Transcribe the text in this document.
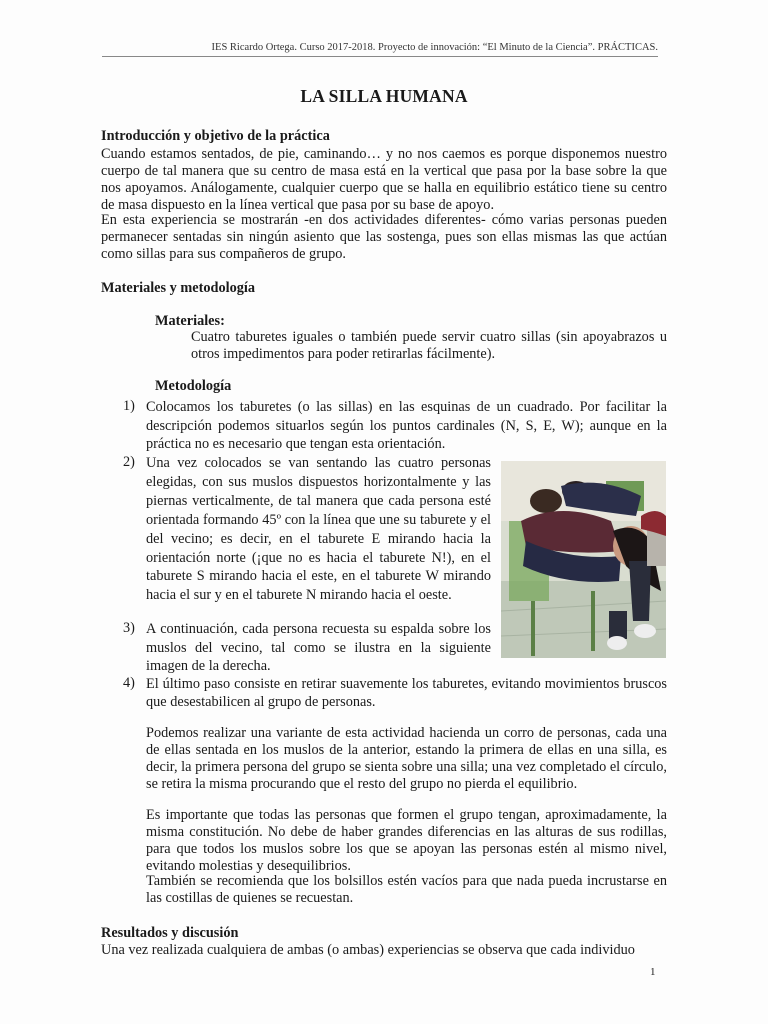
IES Ricardo Ortega. Curso 2017-2018. Proyecto de innovación: “El Minuto de la Ciencia”. PRÁCTICAS.
LA SILLA HUMANA
Introducción y objetivo de la práctica
Cuando estamos sentados, de pie, caminando… y no nos caemos es porque disponemos nuestro cuerpo de tal manera que su centro de masa está en la vertical que pasa por la base sobre la que nos apoyamos. Análogamente, cualquier cuerpo que se halla en equilibrio estático tiene su centro de masa dispuesto en la línea vertical que pasa por su base de apoyo.
En esta experiencia se mostrarán -en dos actividades diferentes- cómo varias personas pueden permanecer sentadas sin ningún asiento que las sostenga, pues son ellas mismas las que actúan como sillas para sus compañeros de grupo.
Materiales y metodología
Materiales:
Cuatro taburetes iguales o también puede servir cuatro sillas (sin apoyabrazos u otros impedimentos para poder retirarlas fácilmente).
Metodología
1) Colocamos los taburetes (o las sillas) en las esquinas de un cuadrado. Por facilitar la descripción podemos situarlos según los puntos cardinales (N, S, E, W); aunque en la práctica no es necesario que tengan esta orientación.
2) Una vez colocados se van sentando las cuatro personas elegidas, con sus muslos dispuestos horizontalmente y las piernas verticalmente, de tal manera que cada persona esté orientada formando 45º con la línea que une su taburete y el del vecino; es decir, en el taburete E mirando hacia la orientación norte (¡que no es hacia el taburete N!), en el taburete S mirando hacia el este, en el taburete W mirando hacia el sur y en el taburete N mirando hacia el oeste.
3) A continuación, cada persona recuesta su espalda sobre los muslos del vecino, tal como se ilustra en la siguiente imagen de la derecha.
4) El último paso consiste en retirar suavemente los taburetes, evitando movimientos bruscos que desestabilicen al grupo de personas.
Podemos realizar una variante de esta actividad hacienda un corro de personas, cada una de ellas sentada en los muslos de la anterior, estando la primera de ellas en una silla, es decir, la primera persona del grupo se sienta sobre una silla; una vez completado el círculo, se retira la misma procurando que el resto del grupo no pierda el equilibrio.
Es importante que todas las personas que formen el grupo tengan, aproximadamente, la misma constitución. No debe de haber grandes diferencias en las alturas de sus rodillas, para que todos los muslos sobre los que se apoyan las personas estén al mismo nivel, evitando molestias y desequilibrios.
También se recomienda que los bolsillos estén vacíos para que nada pueda incrustarse en las costillas de quienes se recuestan.
Resultados y discusión
Una vez realizada cualquiera de ambas (o ambas) experiencias se observa que cada individuo
1
